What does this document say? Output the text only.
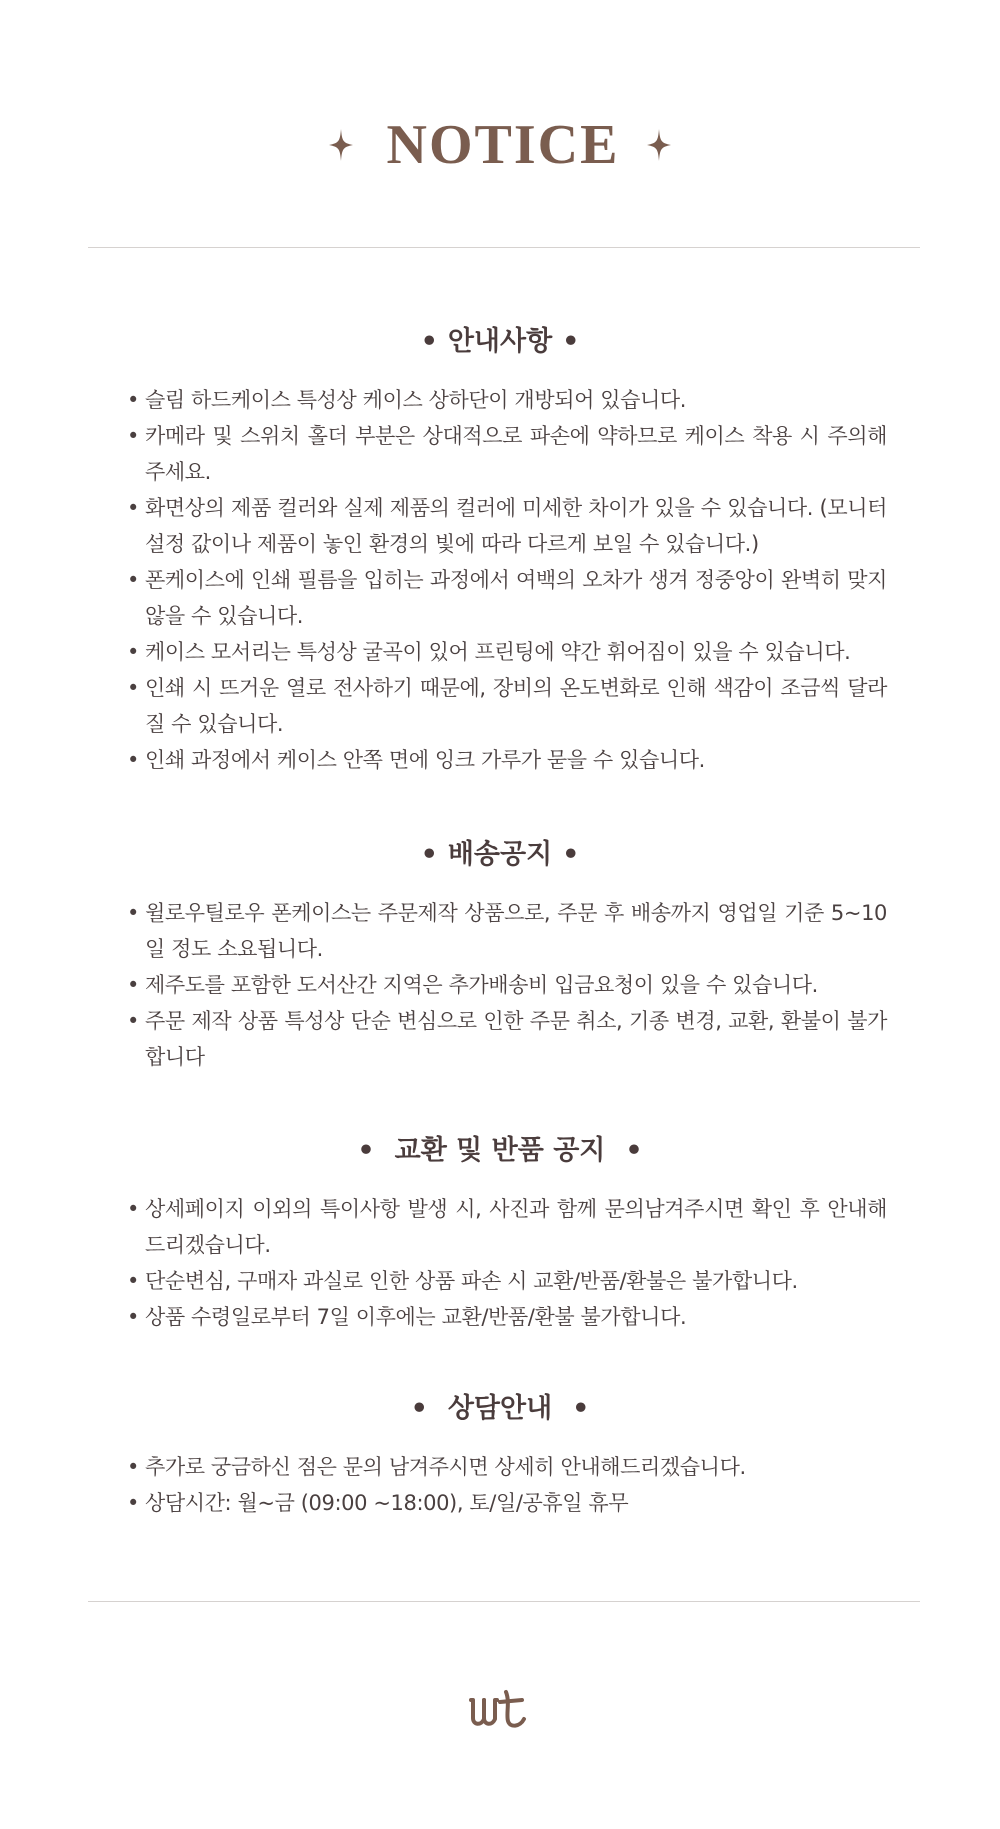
NOTICE
• 안내사항 •
• 슬림 하드케이스 특성상 케이스 상하단이 개방되어 있습니다.
• 카메라 및 스위치 홀더 부분은 상대적으로 파손에 약하므로 케이스 착용 시 주의해주세요.
• 화면상의 제품 컬러와 실제 제품의 컬러에 미세한 차이가 있을 수 있습니다. (모니터 설정 값이나 제품이 놓인 환경의 빛에 따라 다르게 보일 수 있습니다.)
• 폰케이스에 인쇄 필름을 입히는 과정에서 여백의 오차가 생겨 정중앙이 완벽히 맞지 않을 수 있습니다.
• 케이스 모서리는 특성상 굴곡이 있어 프린팅에 약간 휘어짐이 있을 수 있습니다.
• 인쇄 시 뜨거운 열로 전사하기 때문에, 장비의 온도변화로 인해 색감이 조금씩 달라질 수 있습니다.
• 인쇄 과정에서 케이스 안쪽 면에 잉크 가루가 묻을 수 있습니다.
• 배송공지 •
• 윌로우틸로우 폰케이스는 주문제작 상품으로, 주문 후 배송까지 영업일 기준 5~10일 정도 소요됩니다.
• 제주도를 포함한 도서산간 지역은 추가배송비 입금요청이 있을 수 있습니다.
• 주문 제작 상품 특성상 단순 변심으로 인한 주문 취소, 기종 변경, 교환, 환불이 불가합니다
• 교환 및 반품 공지 •
• 상세페이지 이외의 특이사항 발생 시, 사진과 함께 문의남겨주시면 확인 후 안내해드리겠습니다.
• 단순변심, 구매자 과실로 인한 상품 파손 시 교환/반품/환불은 불가합니다.
• 상품 수령일로부터 7일 이후에는 교환/반품/환불 불가합니다.
• 상담안내 •
• 추가로 궁금하신 점은 문의 남겨주시면 상세히 안내해드리겠습니다.
• 상담시간: 월~금 (09:00 ~18:00), 토/일/공휴일 휴무
